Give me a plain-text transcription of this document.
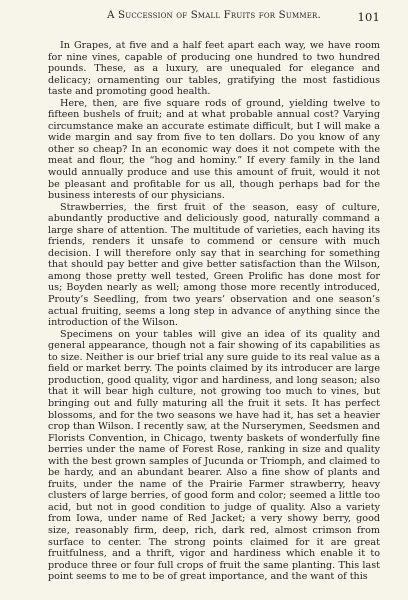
A Succession of Small Fruits for Summer.	101

In Grapes, at five and a half feet apart each way, we have room for nine vines, capable of producing one hundred to two hundred pounds. These, as a luxury, are unequaled for elegance and delicacy; ornamenting our tables, gratifying the most fastidious taste and promoting good health.

Here, then, are five square rods of ground, yielding twelve to fifteen bushels of fruit; and at what probable annual cost? Varying circumstance make an accurate estimate difficult, but I will make a wide margin and say from five to ten dollars. Do you know of any other so cheap? In an economic way does it not compete with the meat and flour, the “hog and hominy.” If every family in the land would annually produce and use this amount of fruit, would it not be pleasant and profitable for us all, though perhaps bad for the business interests of our physicians.

Strawberries, the first fruit of the season, easy of culture, abundantly productive and deliciously good, naturally command a large share of attention. The multitude of varieties, each having its friends, renders it unsafe to commend or censure with much decision. I will therefore only say that in searching for something that should pay better and give better satisfaction than the Wilson, among those pretty well tested, Green Prolific has done most for us; Boyden nearly as well; among those more recently introduced, Prouty’s Seedling, from two years’ observation and one season’s actual fruiting, seems a long step in advance of anything since the introduction of the Wilson.

Specimens on your tables will give an idea of its quality and general appearance, though not a fair showing of its capabilities as to size. Neither is our brief trial any sure guide to its real value as a field or market berry. The points claimed by its introducer are large production, good quality, vigor and hardiness, and long season; also that it will bear high culture, not growing too much to vines, but bringing out and fully maturing all the fruit it sets. It has perfect blossoms, and for the two seasons we have had it, has set a heavier crop than Wilson. I recently saw, at the Nurserymen, Seedsmen and Florists Convention, in Chicago, twenty baskets of wonderfully fine berries under the name of Forest Rose, ranking in size and quality with the best grown samples of Jucunda or Triomph, and claimed to be hardy, and an abundant bearer. Also a fine show of plants and fruits, under the name of the Prairie Farmer strawberry, heavy clusters of large berries, of good form and color; seemed a little too acid, but not in good condition to judge of quality. Also a variety from Iowa, under name of Red Jacket; a very showy berry, good size, reasonably firm, deep, rich, dark red, almost crimson from surface to center. The strong points claimed for it are great fruitfulness, and a thrift, vigor and hardiness which enable it to produce three or four full crops of fruit the same planting. This last point seems to me to be of great importance, and the want of this
